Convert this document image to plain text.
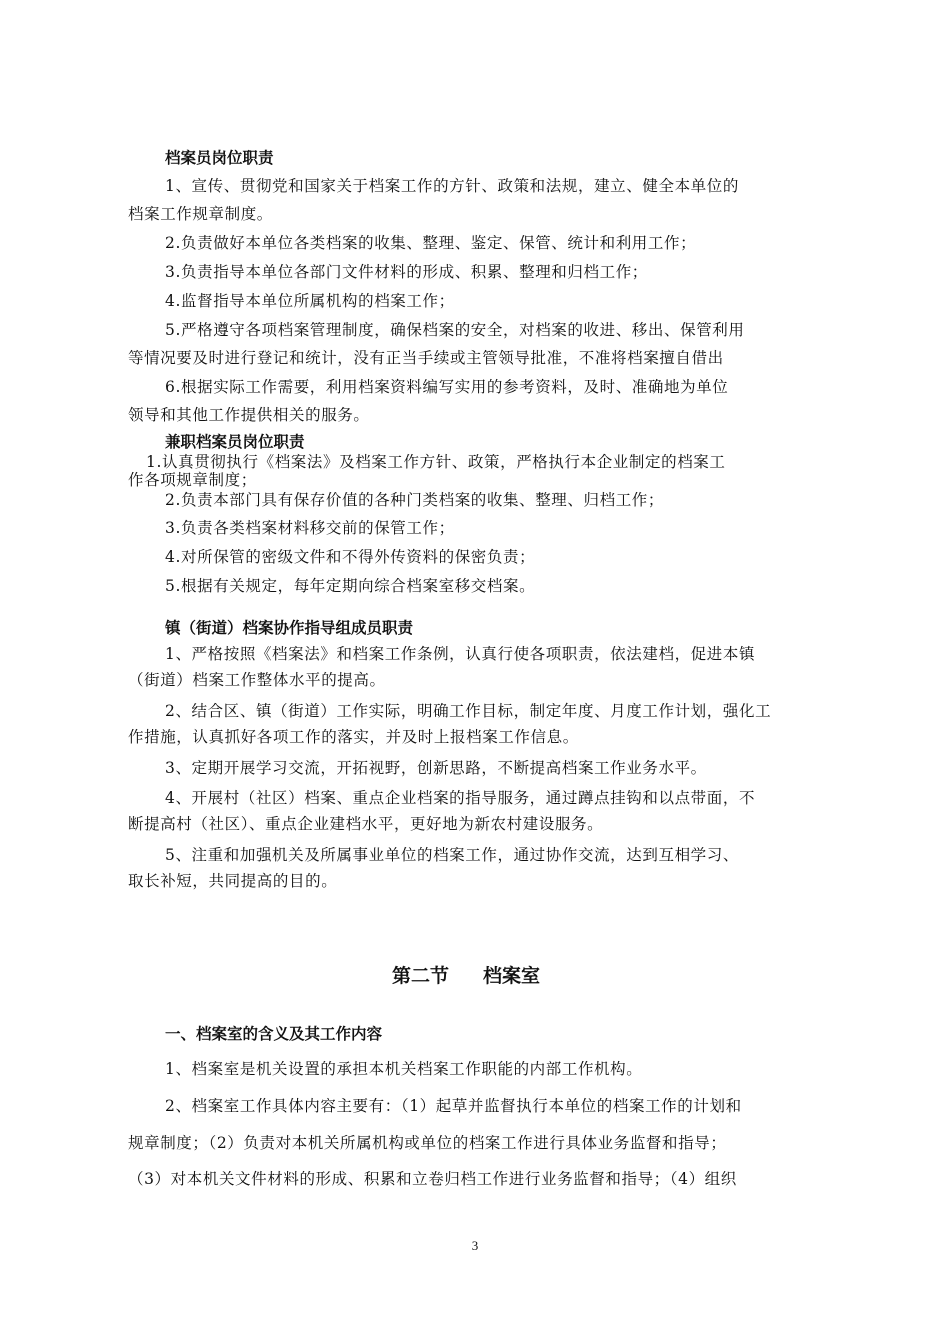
档案员岗位职责
1、宣传、贯彻党和国家关于档案工作的方针、政策和法规，建立、健全本单位的
档案工作规章制度。
2.负责做好本单位各类档案的收集、整理、鉴定、保管、统计和利用工作；
3.负责指导本单位各部门文件材料的形成、积累、整理和归档工作；
4.监督指导本单位所属机构的档案工作；
5.严格遵守各项档案管理制度，确保档案的安全，对档案的收进、移出、保管利用
等情况要及时进行登记和统计，没有正当手续或主管领导批准，不准将档案擅自借出
6.根据实际工作需要，利用档案资料编写实用的参考资料，及时、准确地为单位
领导和其他工作提供相关的服务。
兼职档案员岗位职责
1.认真贯彻执行《档案法》及档案工作方针、政策，严格执行本企业制定的档案工
作各项规章制度；
2.负责本部门具有保存价值的各种门类档案的收集、整理、归档工作；
3.负责各类档案材料移交前的保管工作；
4.对所保管的密级文件和不得外传资料的保密负责；
5.根据有关规定，每年定期向综合档案室移交档案。
镇（街道）档案协作指导组成员职责
1、严格按照《档案法》和档案工作条例，认真行使各项职责，依法建档，促进本镇
（街道）档案工作整体水平的提高。
2、结合区、镇（街道）工作实际，明确工作目标，制定年度、月度工作计划，强化工
作措施，认真抓好各项工作的落实，并及时上报档案工作信息。
3、定期开展学习交流，开拓视野，创新思路，不断提高档案工作业务水平。
4、开展村（社区）档案、重点企业档案的指导服务，通过蹲点挂钩和以点带面，不
断提高村（社区）、重点企业建档水平，更好地为新农村建设服务。
5、注重和加强机关及所属事业单位的档案工作，通过协作交流，达到互相学习、
取长补短，共同提高的目的。
第二节 档案室
一、档案室的含义及其工作内容
1、档案室是机关设置的承担本机关档案工作职能的内部工作机构。
2、档案室工作具体内容主要有：（1）起草并监督执行本单位的档案工作的计划和
规章制度；（2）负责对本机关所属机构或单位的档案工作进行具体业务监督和指导；
（3）对本机关文件材料的形成、积累和立卷归档工作进行业务监督和指导；（4）组织
3
